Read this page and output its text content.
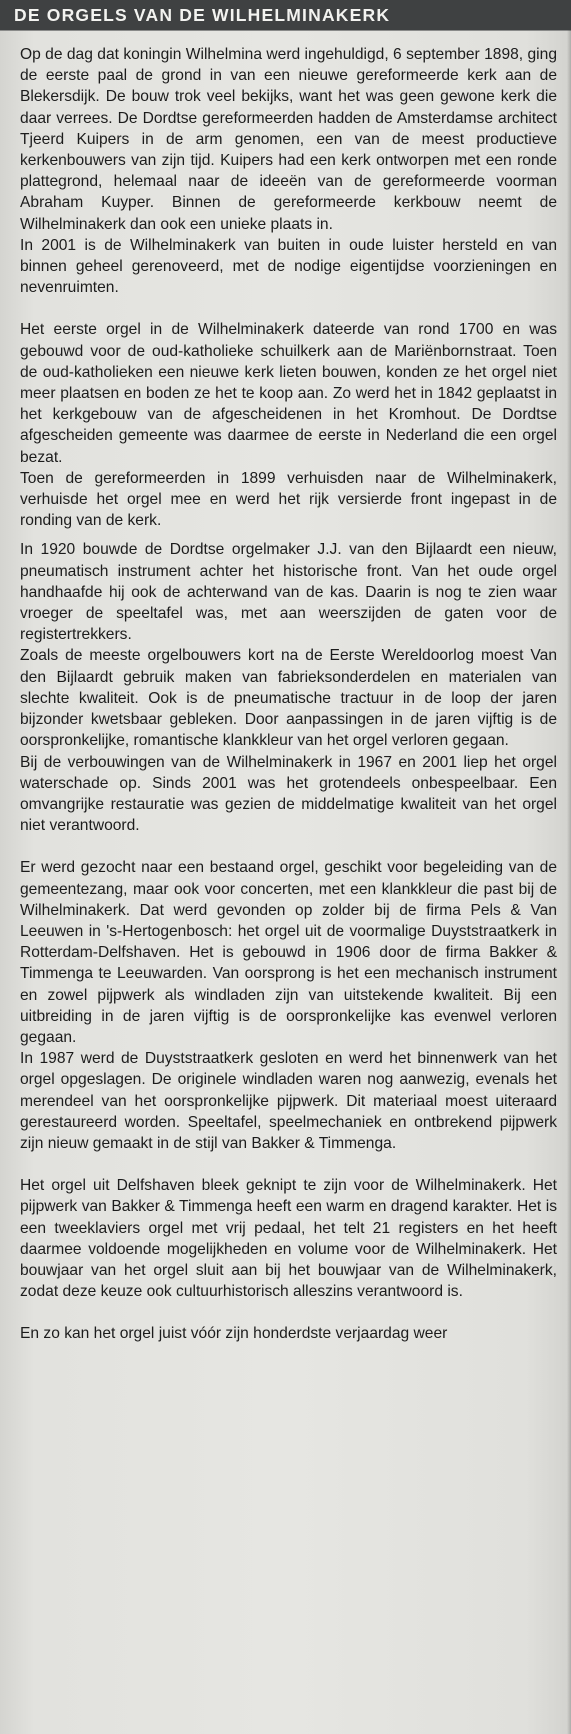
DE ORGELS VAN DE WILHELMINAKERK

Op de dag dat koningin Wilhelmina werd ingehuldigd, 6 september 1898, ging de eerste paal de grond in van een nieuwe gereformeerde kerk aan de Blekersdijk. De bouw trok veel bekijks, want het was geen gewone kerk die daar verrees. De Dordtse gereformeerden hadden de Amsterdamse architect Tjeerd Kuipers in de arm genomen, een van de meest productieve kerkenbouwers van zijn tijd. Kuipers had een kerk ontworpen met een ronde plattegrond, helemaal naar de ideeën van de gereformeerde voorman Abraham Kuyper. Binnen de gereformeerde kerkbouw neemt de Wilhelminakerk dan ook een unieke plaats in.

In 2001 is de Wilhelminakerk van buiten in oude luister hersteld en van binnen geheel gerenoveerd, met de nodige eigentijdse voorzieningen en nevenruimten.

Het eerste orgel in de Wilhelminakerk dateerde van rond 1700 en was gebouwd voor de oud-katholieke schuilkerk aan de Mariënbornstraat. Toen de oud-katholieken een nieuwe kerk lieten bouwen, konden ze het orgel niet meer plaatsen en boden ze het te koop aan. Zo werd het in 1842 geplaatst in het kerkgebouw van de afgescheidenen in het Kromhout. De Dordtse afgescheiden gemeente was daarmee de eerste in Nederland die een orgel bezat.

Toen de gereformeerden in 1899 verhuisden naar de Wilhelminakerk, verhuisde het orgel mee en werd het rijk versierde front ingepast in de ronding van de kerk.

In 1920 bouwde de Dordtse orgelmaker J.J. van den Bijlaardt een nieuw, pneumatisch instrument achter het historische front. Van het oude orgel handhaafde hij ook de achterwand van de kas. Daarin is nog te zien waar vroeger de speeltafel was, met aan weerszijden de gaten voor de registertrekkers.

Zoals de meeste orgelbouwers kort na de Eerste Wereldoorlog moest Van den Bijlaardt gebruik maken van fabrieksonderdelen en materialen van slechte kwaliteit. Ook is de pneumatische tractuur in de loop der jaren bijzonder kwetsbaar gebleken. Door aanpassingen in de jaren vijftig is de oorspronkelijke, romantische klankkleur van het orgel verloren gegaan.

Bij de verbouwingen van de Wilhelminakerk in 1967 en 2001 liep het orgel waterschade op. Sinds 2001 was het grotendeels onbespeelbaar. Een omvangrijke restauratie was gezien de middelmatige kwaliteit van het orgel niet verantwoord.

Er werd gezocht naar een bestaand orgel, geschikt voor begeleiding van de gemeentezang, maar ook voor concerten, met een klankkleur die past bij de Wilhelminakerk. Dat werd gevonden op zolder bij de firma Pels & Van Leeuwen in 's-Hertogenbosch: het orgel uit de voormalige Duyststraatkerk in Rotterdam-Delfshaven. Het is gebouwd in 1906 door de firma Bakker & Timmenga te Leeuwarden. Van oorsprong is het een mechanisch instrument en zowel pijpwerk als windladen zijn van uitstekende kwaliteit. Bij een uitbreiding in de jaren vijftig is de oorspronkelijke kas evenwel verloren gegaan.

In 1987 werd de Duyststraatkerk gesloten en werd het binnenwerk van het orgel opgeslagen. De originele windladen waren nog aanwezig, evenals het merendeel van het oorspronkelijke pijpwerk. Dit materiaal moest uiteraard gerestaureerd worden. Speeltafel, speelmechaniek en ontbrekend pijpwerk zijn nieuw gemaakt in de stijl van Bakker & Timmenga.

Het orgel uit Delfshaven bleek geknipt te zijn voor de Wilhelminakerk. Het pijpwerk van Bakker & Timmenga heeft een warm en dragend karakter. Het is een tweeklaviers orgel met vrij pedaal, het telt 21 registers en het heeft daarmee voldoende mogelijkheden en volume voor de Wilhelminakerk. Het bouwjaar van het orgel sluit aan bij het bouwjaar van de Wilhelminakerk, zodat deze keuze ook cultuurhistorisch alleszins verantwoord is.

En zo kan het orgel juist vóór zijn honderdste verjaardag weer
